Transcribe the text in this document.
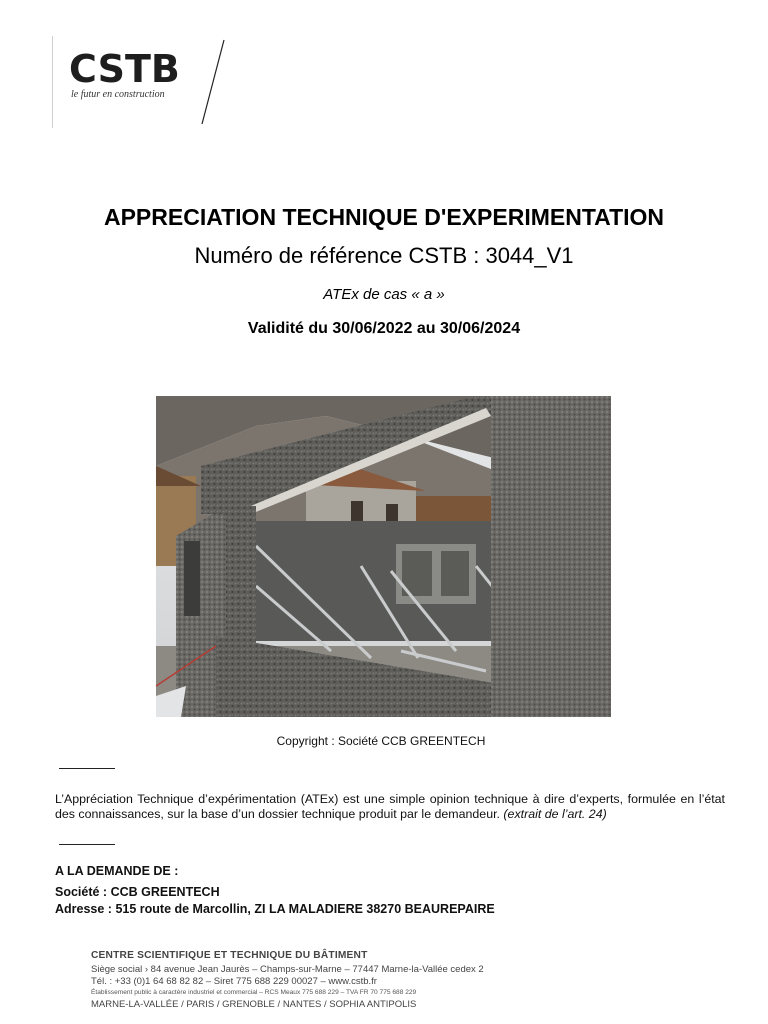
CSTB

le futur en construction

APPRECIATION TECHNIQUE D'EXPERIMENTATION

Numéro de référence CSTB : 3044_V1

ATEx de cas « a »

Validité du 30/06/2022 au 30/06/2024

Copyright : Société CCB GREENTECH

L’Appréciation Technique d’expérimentation (ATEx) est une simple opinion technique à dire d’experts, formulée en l’état des connaissances, sur la base d’un dossier technique produit par le demandeur. (extrait de l’art. 24)

A LA DEMANDE DE :

Société : CCB GREENTECH

Adresse : 515 route de Marcollin, ZI LA MALADIERE 38270 BEAUREPAIRE

CENTRE SCIENTIFIQUE ET TECHNIQUE DU BÂTIMENT

Siège social › 84 avenue Jean Jaurès – Champs-sur-Marne – 77447 Marne-la-Vallée cedex 2

Tél. : +33 (0)1 64 68 82 82 – Siret 775 688 229 00027 – www.cstb.fr

Établissement public à caractère industriel et commercial – RCS Meaux 775 688 229 – TVA FR 70 775 688 229

MARNE-LA-VALLÉE / PARIS / GRENOBLE / NANTES / SOPHIA ANTIPOLIS
